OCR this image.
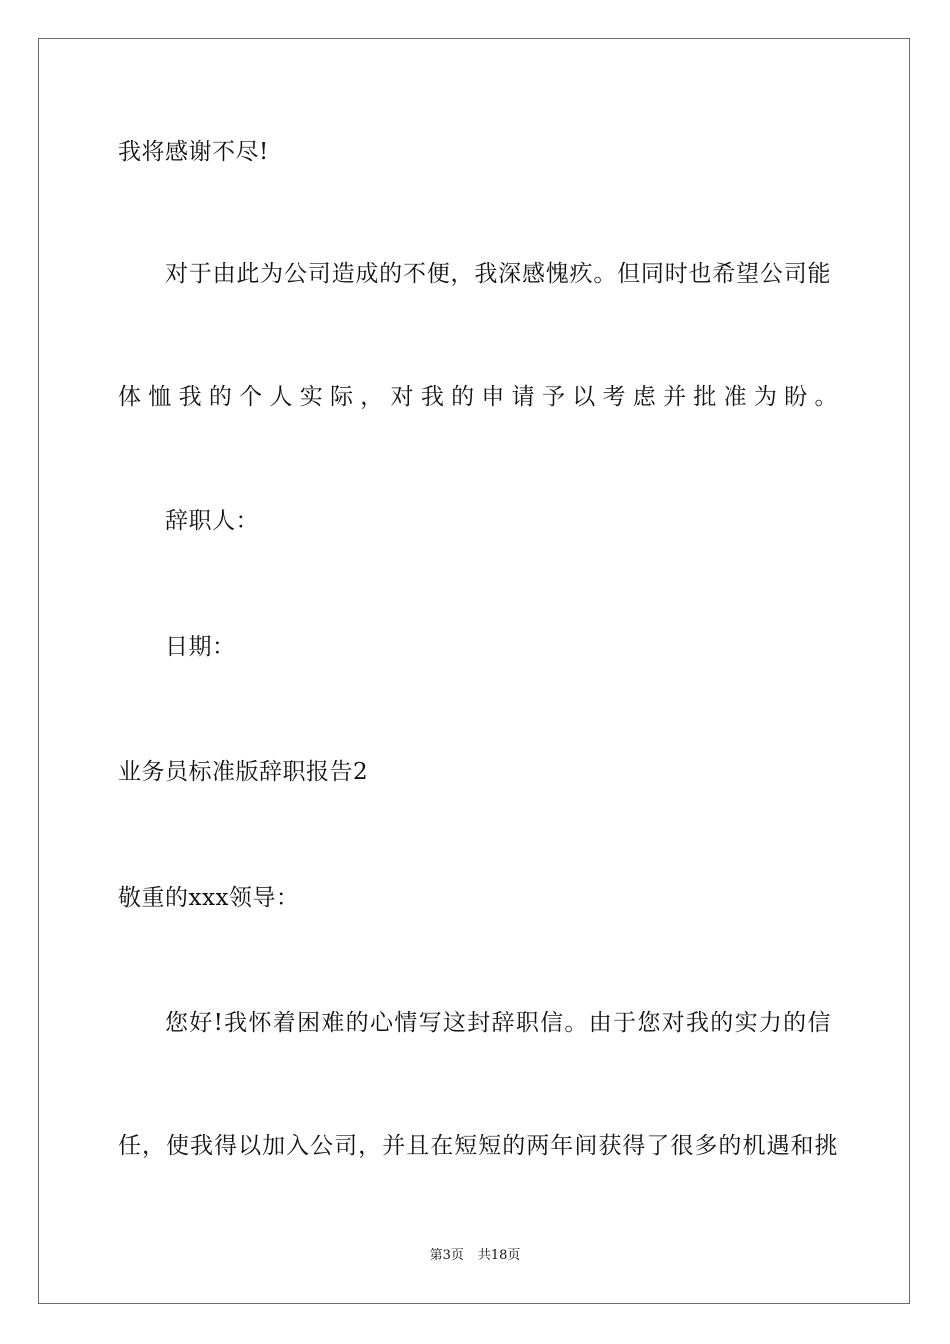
我将感谢不尽!
对于由此为公司造成的不便，我深感愧疚。但同时也希望公司能
体恤我的个人实际，对我的申请予以考虑并批准为盼。
辞职人：
日期：
业务员标准版辞职报告2
敬重的xxx领导：
您好!我怀着困难的心情写这封辞职信。由于您对我的实力的信
任，使我得以加入公司，并且在短短的两年间获得了很多的机遇和挑
第3页 共18页
